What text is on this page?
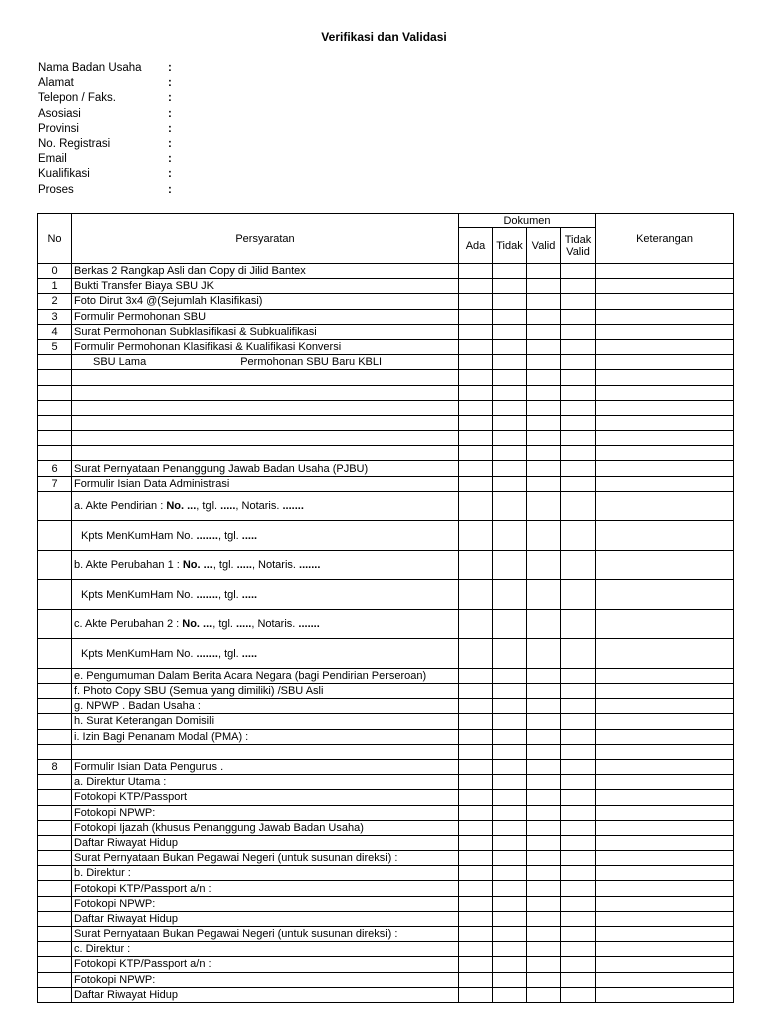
Verifikasi dan Validasi
Nama Badan Usaha	:
Alamat	:
Telepon / Faks.	:
Asosiasi	:
Provinsi	:
No. Registrasi	:
Email	:
Kualifikasi	:
Proses	:
No	Persyaratan	Dokumen				Keterangan
		Ada	Tidak	Valid	Tidak
Valid	
0	Berkas 2 Rangkap Asli dan Copy di Jilid Bantex					
1	Bukti Transfer Biaya SBU JK					
2	Foto Dirut 3x4 @(Sejumlah Klasifikasi)					
3	Formulir Permohonan SBU					
4	Surat Permohonan Subklasifikasi & Subkualifikasi					
5	Formulir Permohonan Klasifikasi & Kualifikasi Konversi					
	SBU Lama Permohonan SBU Baru KBLI					

6	Surat Pernyataan Penanggung Jawab Badan Usaha (PJBU)					
7	Formulir Isian Data Administrasi					
	a. Akte Pendirian : No. ..., tgl. ....., Notaris. .......					
	Kpts MenKumHam No. ......., tgl. .....					
	b. Akte Perubahan 1 : No. ..., tgl. ....., Notaris. .......					
	Kpts MenKumHam No. ......., tgl. .....					
	c. Akte Perubahan 2 : No. ..., tgl. ....., Notaris. .......					
	Kpts MenKumHam No. ......., tgl. .....					
	e. Pengumuman Dalam Berita Acara Negara (bagi Pendirian Perseroan)					
	f. Photo Copy SBU (Semua yang dimiliki) /SBU Asli					
	g. NPWP . Badan Usaha :					
	h. Surat Keterangan Domisili					
	i. Izin Bagi Penanam Modal (PMA) :					

8	Formulir Isian Data Pengurus .					
	a. Direktur Utama :					
	Fotokopi KTP/Passport					
	Fotokopi NPWP:					
	Fotokopi Ijazah (khusus Penanggung Jawab Badan Usaha)					
	Daftar Riwayat Hidup					
	Surat Pernyataan Bukan Pegawai Negeri (untuk susunan direksi) :					
	b. Direktur :					
	Fotokopi KTP/Passport a/n :					
	Fotokopi NPWP:					
	Daftar Riwayat Hidup					
	Surat Pernyataan Bukan Pegawai Negeri (untuk susunan direksi) :					
	c. Direktur :					
	Fotokopi KTP/Passport a/n :					
	Fotokopi NPWP:					
	Daftar Riwayat Hidup					
